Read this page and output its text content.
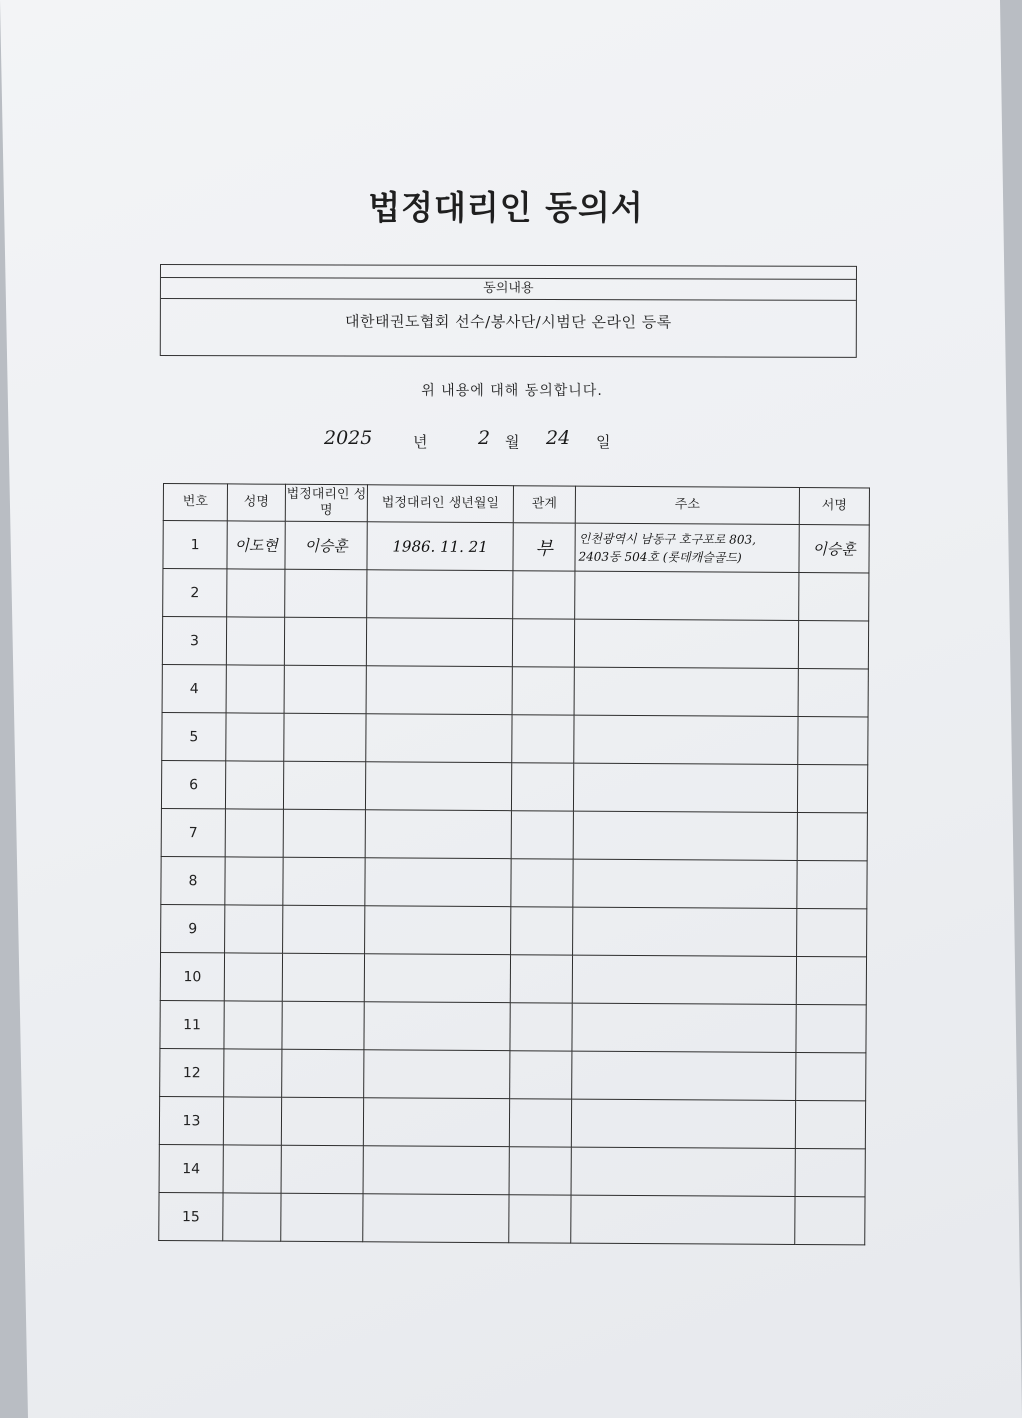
법정대리인 동의서
동의내용
대한태권도협회 선수/봉사단/시범단 온라인 등록
위 내용에 대해 동의합니다.
2025	년	2 월 24 일
번호	성명	법정대리인 성명	법정대리인 생년월일	관계	주소	서명
1	이도현	이승훈	1986. 11. 21	부	인천광역시 남동구 호구포로 803,
2403동 504호 (롯데캐슬골드)	이승훈
2						
3						
4						
5						
6						
7						
8						
9						
10						
11						
12						
13						
14						
15						
